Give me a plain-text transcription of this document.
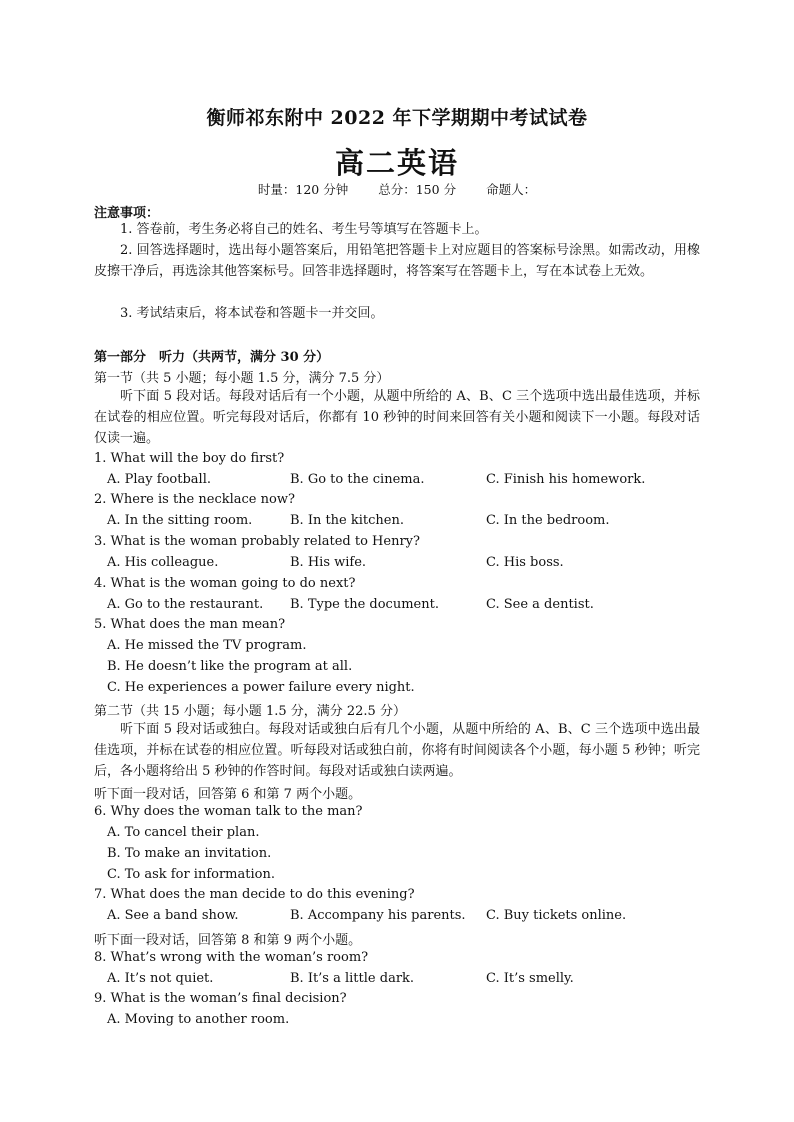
衡师祁东附中 2022 年下学期期中考试试卷
高二英语
时量：120 分钟 总分：150 分 命题人：
注意事项：
1. 答卷前，考生务必将自己的姓名、考生号等填写在答题卡上。
2. 回答选择题时，选出每小题答案后，用铅笔把答题卡上对应题目的答案标号涂黑。如需改动，用橡皮擦干净后，再选涂其他答案标号。回答非选择题时，将答案写在答题卡上，写在本试卷上无效。
3. 考试结束后，将本试卷和答题卡一并交回。
第一部分　听力（共两节，满分 30 分）
第一节（共 5 小题；每小题 1.5 分，满分 7.5 分）
听下面 5 段对话。每段对话后有一个小题，从题中所给的 A、B、C 三个选项中选出最佳选项，并标在试卷的相应位置。听完每段对话后，你都有 10 秒钟的时间来回答有关小题和阅读下一小题。每段对话仅读一遍。
1. What will the boy do first?
A. Play football.	B. Go to the cinema.	C. Finish his homework.
2. Where is the necklace now?
A. In the sitting room.	B. In the kitchen.	C. In the bedroom.
3. What is the woman probably related to Henry?
A. His colleague.	B. His wife.	C. His boss.
4. What is the woman going to do next?
A. Go to the restaurant. B. Type the document.	C. See a dentist.
5. What does the man mean?
A. He missed the TV program.
B. He doesn’t like the program at all.
C. He experiences a power failure every night.
第二节（共 15 小题；每小题 1.5 分，满分 22.5 分）
听下面 5 段对话或独白。每段对话或独白后有几个小题，从题中所给的 A、B、C 三个选项中选出最佳选项，并标在试卷的相应位置。听每段对话或独白前，你将有时间阅读各个小题，每小题 5 秒钟；听完后，各小题将给出 5 秒钟的作答时间。每段对话或独白读两遍。
听下面一段对话，回答第 6 和第 7 两个小题。
6. Why does the woman talk to the man?
A. To cancel their plan.
B. To make an invitation.
C. To ask for information.
7. What does the man decide to do this evening?
A. See a band show.	B. Accompany his parents. C. Buy tickets online.
听下面一段对话，回答第 8 和第 9 两个小题。
8. What’s wrong with the woman’s room?
A. It’s not quiet.	B. It’s a little dark.	C. It’s smelly.
9. What is the woman’s final decision?
A. Moving to another room.
